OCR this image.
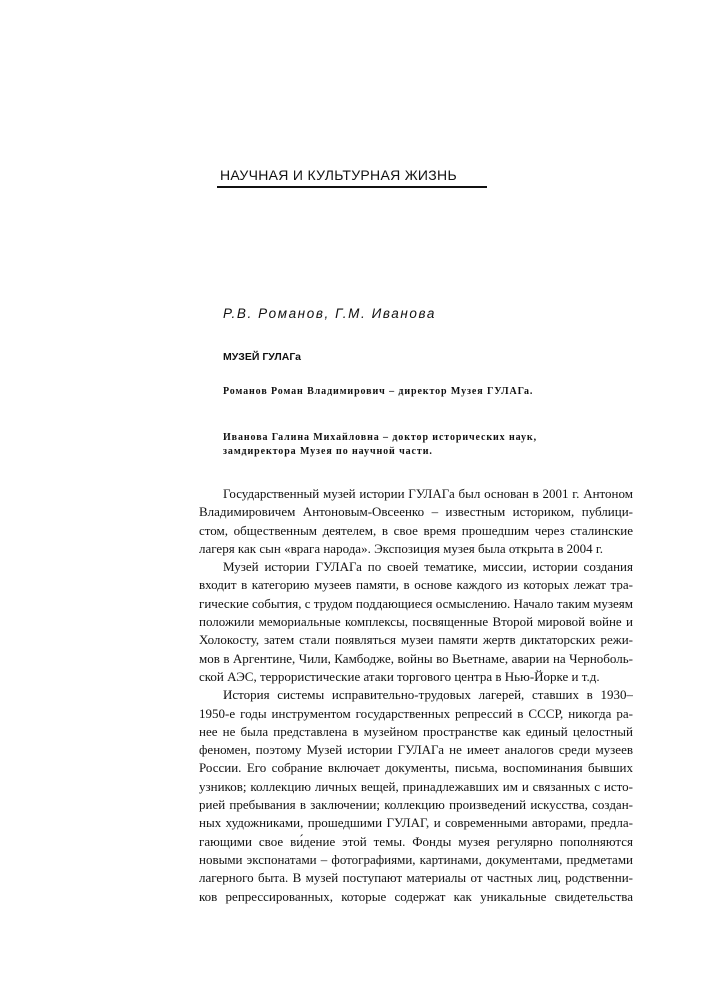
НАУЧНАЯ И КУЛЬТУРНАЯ ЖИЗНЬ
Р.В. Романов, Г.М. Иванова
МУЗЕЙ ГУЛАГа
Романов Роман Владимирович – директор Музея ГУЛАГа.
Иванова Галина Михайловна – доктор исторических наук,
замдиректора Музея по научной части.
Государственный музей истории ГУЛАГа был основан в 2001 г. Антоном
Владимировичем Антоновым-Овсеенко – известным историком, публици-
стом, общественным деятелем, в свое время прошедшим через сталинские
лагеря как сын «врага народа». Экспозиция музея была открыта в 2004 г.
Музей истории ГУЛАГа по своей тематике, миссии, истории создания
входит в категорию музеев памяти, в основе каждого из которых лежат тра-
гические события, с трудом поддающиеся осмыслению. Начало таким музеям
положили мемориальные комплексы, посвященные Второй мировой войне и
Холокосту, затем стали появляться музеи памяти жертв диктаторских режи-
мов в Аргентине, Чили, Камбодже, войны во Вьетнаме, аварии на Черноболь-
ской АЭС, террористические атаки торгового центра в Нью-Йорке и т.д.
История системы исправительно-трудовых лагерей, ставших в 1930–
1950-е годы инструментом государственных репрессий в СССР, никогда ра-
нее не была представлена в музейном пространстве как единый целостный
феномен, поэтому Музей истории ГУЛАГа не имеет аналогов среди музеев
России. Его собрание включает документы, письма, воспоминания бывших
узников; коллекцию личных вещей, принадлежавших им и связанных с исто-
рией пребывания в заключении; коллекцию произведений искусства, создан-
ных художниками, прошедшими ГУЛАГ, и современными авторами, предла-
гающими свое ви́дение этой темы. Фонды музея регулярно пополняются
новыми экспонатами – фотографиями, картинами, документами, предметами
лагерного быта. В музей поступают материалы от частных лиц, родственни-
ков репрессированных, которые содержат как уникальные свидетельства
